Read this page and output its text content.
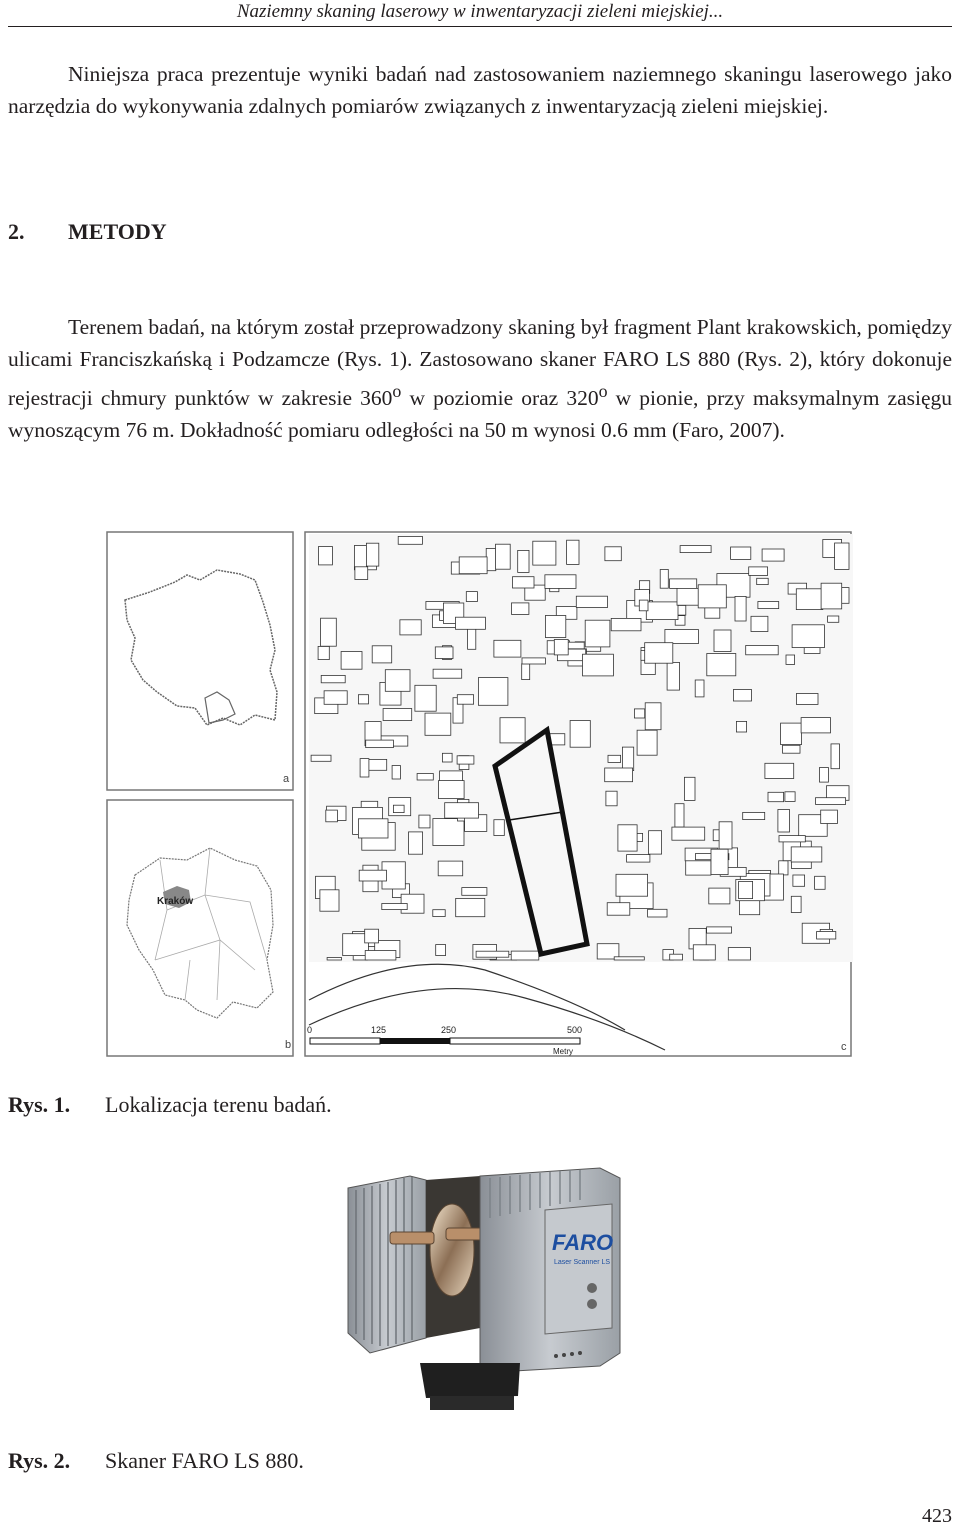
Naziemny skaning laserowy w inwentaryzacji zieleni miejskiej...

Niniejsza praca prezentuje wyniki badań nad zastosowaniem naziemnego skaningu laserowego jako narzędzia do wykonywania zdalnych pomiarów związanych z inwentaryzacją zieleni miejskiej.

2. METODY

Terenem badań, na którym został przeprowadzony skaning był fragment Plant krakowskich, pomiędzy ulicami Franciszkańską i Podzamcze (Rys. 1). Zastosowano skaner FARO LS 880 (Rys. 2), który dokonuje rejestracji chmury punktów w zakresie 360$^o$ w poziomie oraz 320$^o$ w pionie, przy maksymalnym zasięgu wynoszącym 76 m. Dokładność pomiaru odległości na 50 m wynosi 0.6 mm (Faro, 2007).

a
Kraków
b
0	125	250	500
Metry	c
Rys. 1. Lokalizacja terenu badań.
FARO
Laser Scanner LS
Rys. 2. Skaner FARO LS 880.
423
